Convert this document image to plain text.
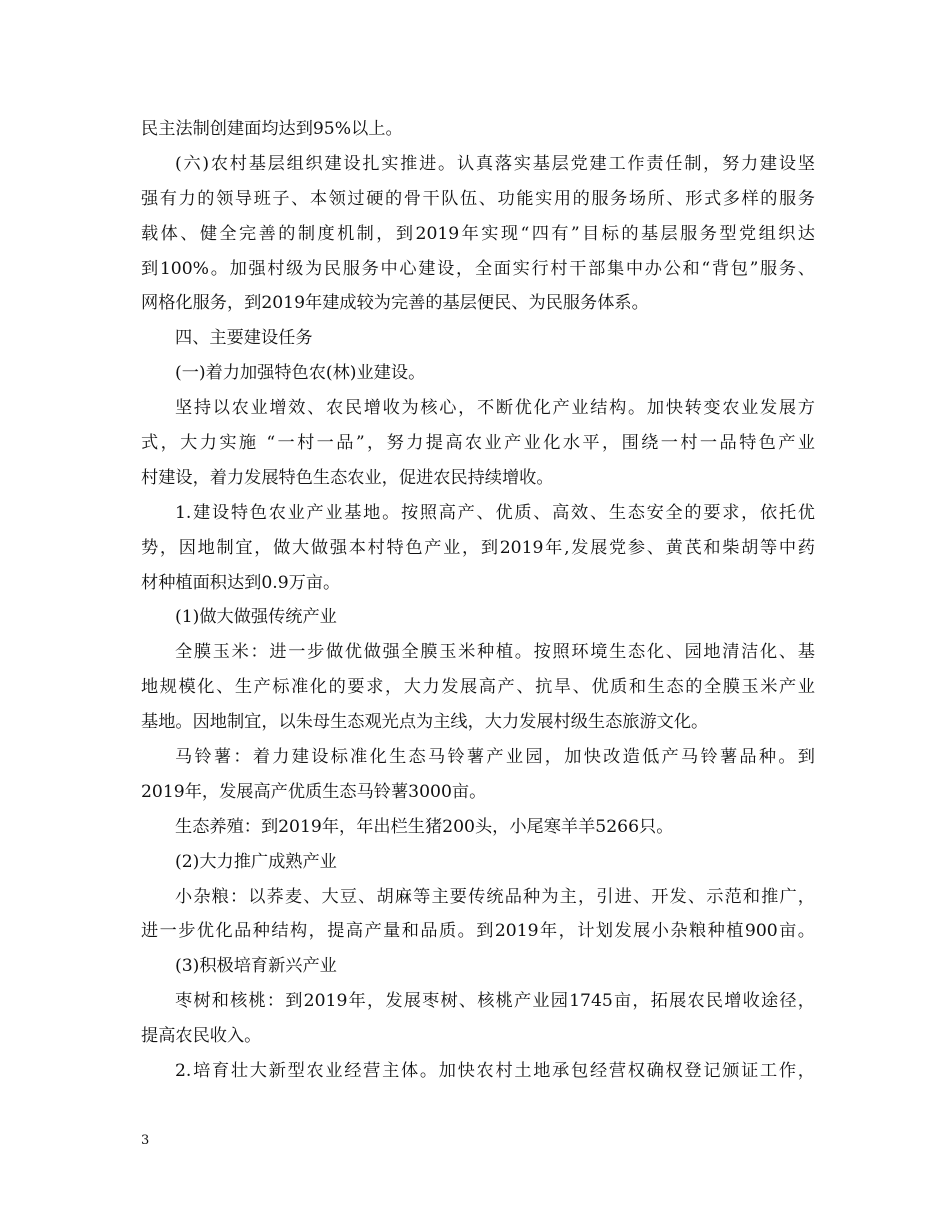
民主法制创建面均达到95%以上。
(六)农村基层组织建设扎实推进。认真落实基层党建工作责任制，努力建设坚
强有力的领导班子、本领过硬的骨干队伍、功能实用的服务场所、形式多样的服务
载体、健全完善的制度机制，到2019年实现“四有”目标的基层服务型党组织达
到100%。加强村级为民服务中心建设，全面实行村干部集中办公和“背包”服务、
网格化服务，到2019年建成较为完善的基层便民、为民服务体系。
四、主要建设任务
(一)着力加强特色农(林)业建设。
坚持以农业增效、农民增收为核心，不断优化产业结构。加快转变农业发展方
式，大力实施 “一村一品”，努力提高农业产业化水平，围绕一村一品特色产业
村建设，着力发展特色生态农业，促进农民持续增收。
1.建设特色农业产业基地。按照高产、优质、高效、生态安全的要求，依托优
势，因地制宜，做大做强本村特色产业，到2019年,发展党参、黄芪和柴胡等中药
材种植面积达到0.9万亩。
(1)做大做强传统产业
全膜玉米：进一步做优做强全膜玉米种植。按照环境生态化、园地清洁化、基
地规模化、生产标准化的要求，大力发展高产、抗旱、优质和生态的全膜玉米产业
基地。因地制宜，以朱母生态观光点为主线，大力发展村级生态旅游文化。
马铃薯：着力建设标准化生态马铃薯产业园，加快改造低产马铃薯品种。到
2019年，发展高产优质生态马铃薯3000亩。
生态养殖：到2019年，年出栏生猪200头，小尾寒羊羊5266只。
(2)大力推广成熟产业
小杂粮：以荞麦、大豆、胡麻等主要传统品种为主，引进、开发、示范和推广，
进一步优化品种结构，提高产量和品质。到2019年，计划发展小杂粮种植900亩。
(3)积极培育新兴产业
枣树和核桃：到2019年，发展枣树、核桃产业园1745亩，拓展农民增收途径，
提高农民收入。
2.培育壮大新型农业经营主体。加快农村土地承包经营权确权登记颁证工作，
3
